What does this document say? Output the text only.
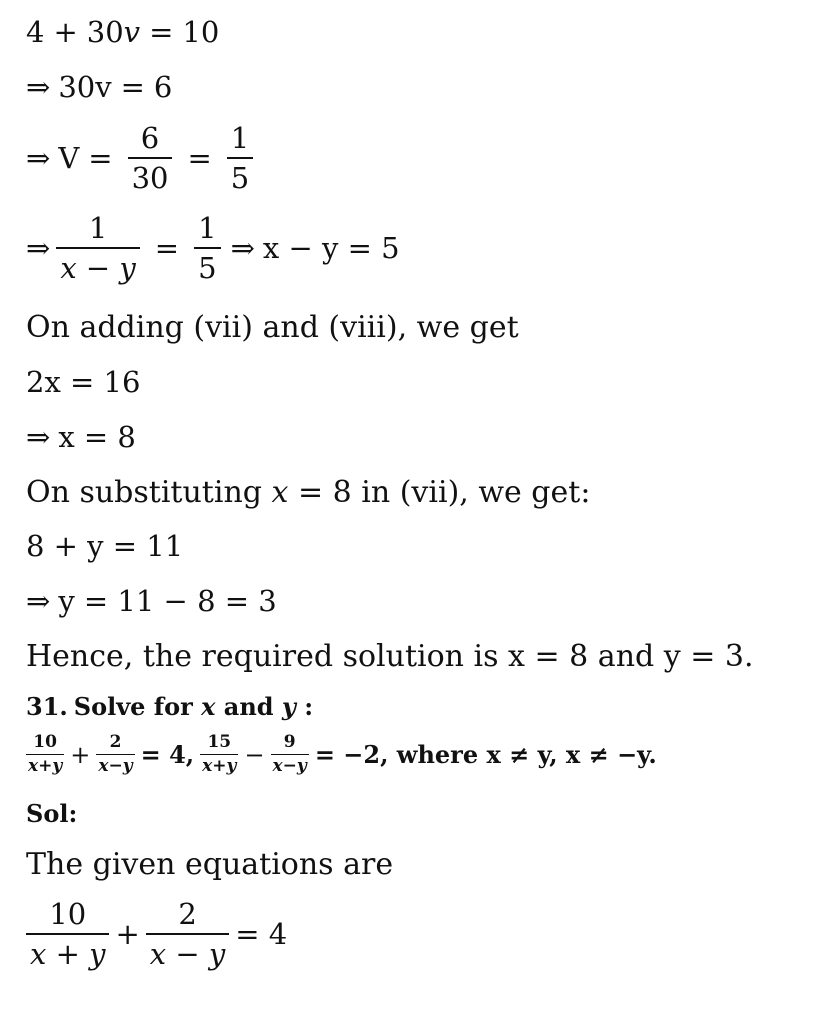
4 + 30 v = 10
⇒ 30v = 6
⇒ $V = \frac{6}{30} = \frac{1}{5}$
⇒ $\frac{1}{x - y} = \frac{1}{5}$ ⇒ x − y = 5
On adding (vii) and (viii), we get
2x = 16
⇒ x = 8
On substituting x = 8 in (vii), we get:
8 + y = 11
⇒ y = 11 − 8 = 3
Hence, the required solution is x = 8 and y = 3.
31. Solve for x and y :
$\frac{10}{x+y} + \frac{2}{x-y} = 4$, $\frac{15}{x+y} - \frac{9}{x-y} = -2$, where x ≠ y, x ≠ −y.
Sol:
The given equations are
$\frac{10}{x + y} + \frac{2}{x - y} = 4$
